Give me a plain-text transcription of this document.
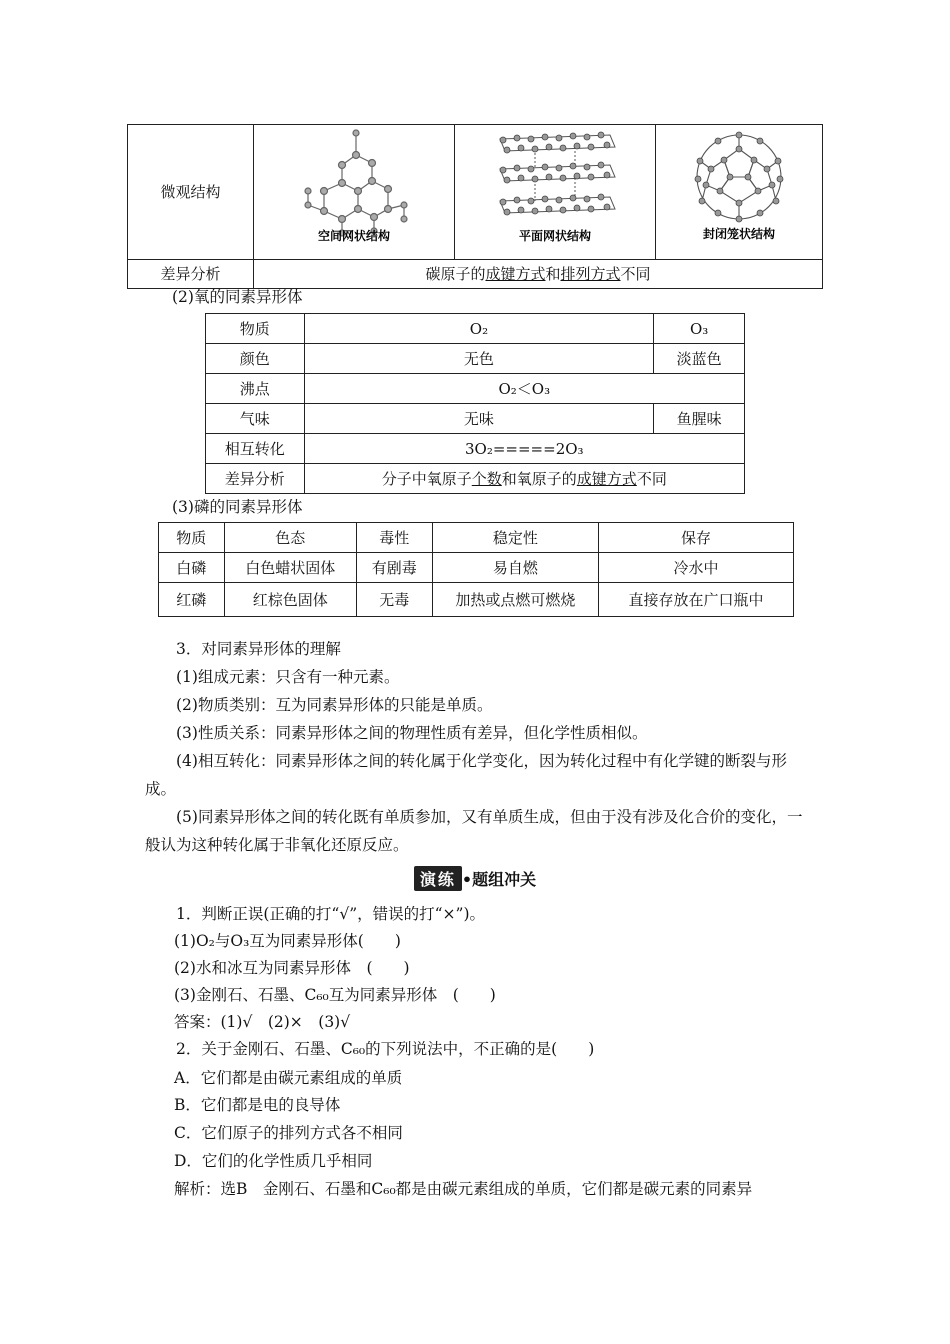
微观结构	空间网状结构	平面网状结构	封闭笼状结构

差异分析	碳原子的成键方式和排列方式不同		
(2)氧的同素异形体
物质	O₂	O₃
颜色	无色	淡蓝色
沸点	O₂＜O₃	
气味	无味	鱼腥味
相互转化	3O₂=====2O₃	
差异分析	分子中氧原子个数和氧原子的成键方式不同	
(3)磷的同素异形体
物质	色态	毒性	稳定性	保存
白磷	白色蜡状固体	有剧毒	易自燃	冷水中
红磷	红棕色固体	无毒	加热或点燃可燃烧	直接存放在广口瓶中
3．对同素异形体的理解
(1)组成元素：只含有一种元素。
(2)物质类别：互为同素异形体的只能是单质。
(3)性质关系：同素异形体之间的物理性质有差异，但化学性质相似。
(4)相互转化：同素异形体之间的转化属于化学变化，因为转化过程中有化学键的断裂与形成。
(5)同素异形体之间的转化既有单质参加，又有单质生成，但由于没有涉及化合价的变化，一般认为这种转化属于非氧化还原反应。
演练 •题组冲关
1．判断正误(正确的打“√”，错误的打“×”)。
(1)O₂与O₃互为同素异形体(　　)
(2)水和冰互为同素异形体　(　　)
(3)金刚石、石墨、C₆₀互为同素异形体　(　　)
答案：(1)√　(2)×　(3)√
2．关于金刚石、石墨、C₆₀的下列说法中，不正确的是(　　)
A．它们都是由碳元素组成的单质
B．它们都是电的良导体
C．它们原子的排列方式各不相同
D．它们的化学性质几乎相同
解析：选B　金刚石、石墨和C₆₀都是由碳元素组成的单质，它们都是碳元素的同素异
